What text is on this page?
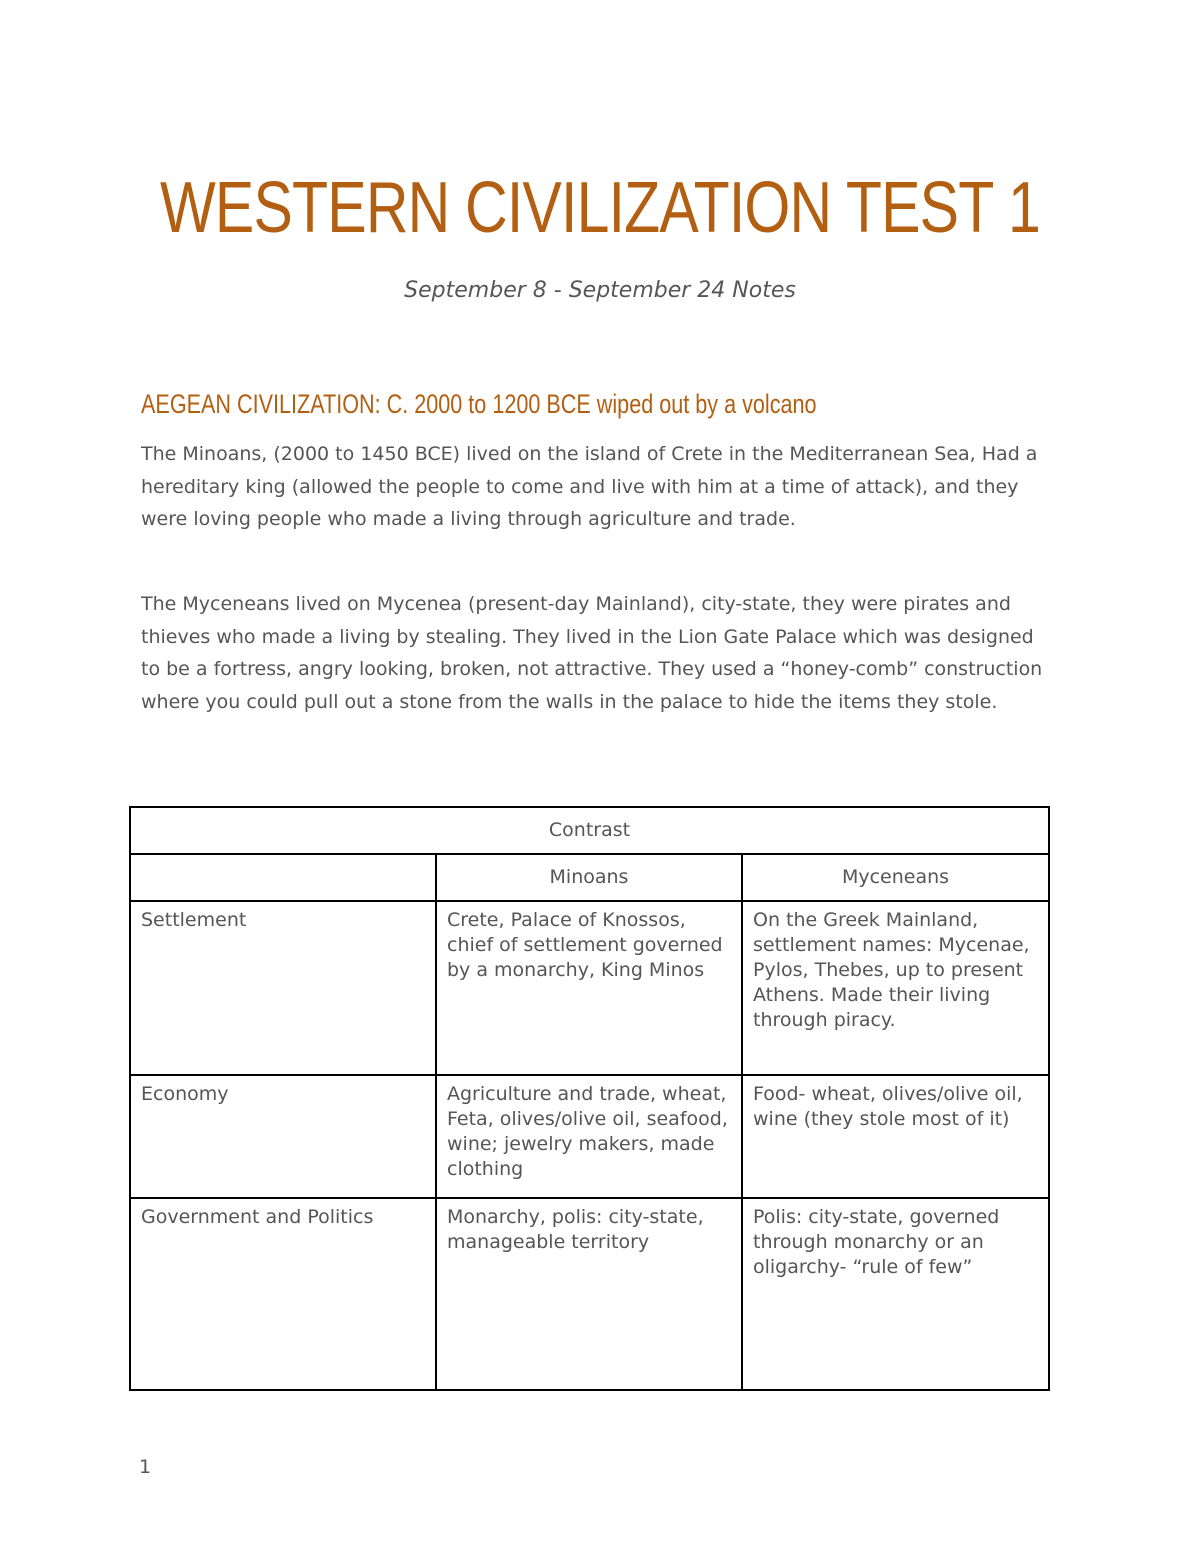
WESTERN CIVILIZATION TEST 1
September 8 - September 24 Notes
AEGEAN CIVILIZATION: C. 2000 to 1200 BCE wiped out by a volcano

The Minoans, (2000 to 1450 BCE) lived on the island of Crete in the Mediterranean Sea, Had a hereditary king (allowed the people to come and live with him at a time of attack), and they were loving people who made a living through agriculture and trade.

The Myceneans lived on Mycenea (present-day Mainland), city-state, they were pirates and thieves who made a living by stealing. They lived in the Lion Gate Palace which was designed to be a fortress, angry looking, broken, not attractive. They used a “honey-comb” construction where you could pull out a stone from the walls in the palace to hide the items they stole.

Contrast		
	Minoans	Myceneans
Settlement	Crete, Palace of Knossos, chief of settlement governed by a monarchy, King Minos	On the Greek Mainland, settlement names: Mycenae, Pylos, Thebes, up to present Athens. Made their living through piracy.
Economy	Agriculture and trade, wheat, Feta, olives/olive oil, seafood, wine; jewelry makers, made clothing	Food- wheat, olives/olive oil, wine (they stole most of it)
Government and Politics	Monarchy, polis: city-state, manageable territory	Polis: city-state, governed through monarchy or an oligarchy- “rule of few”
1
